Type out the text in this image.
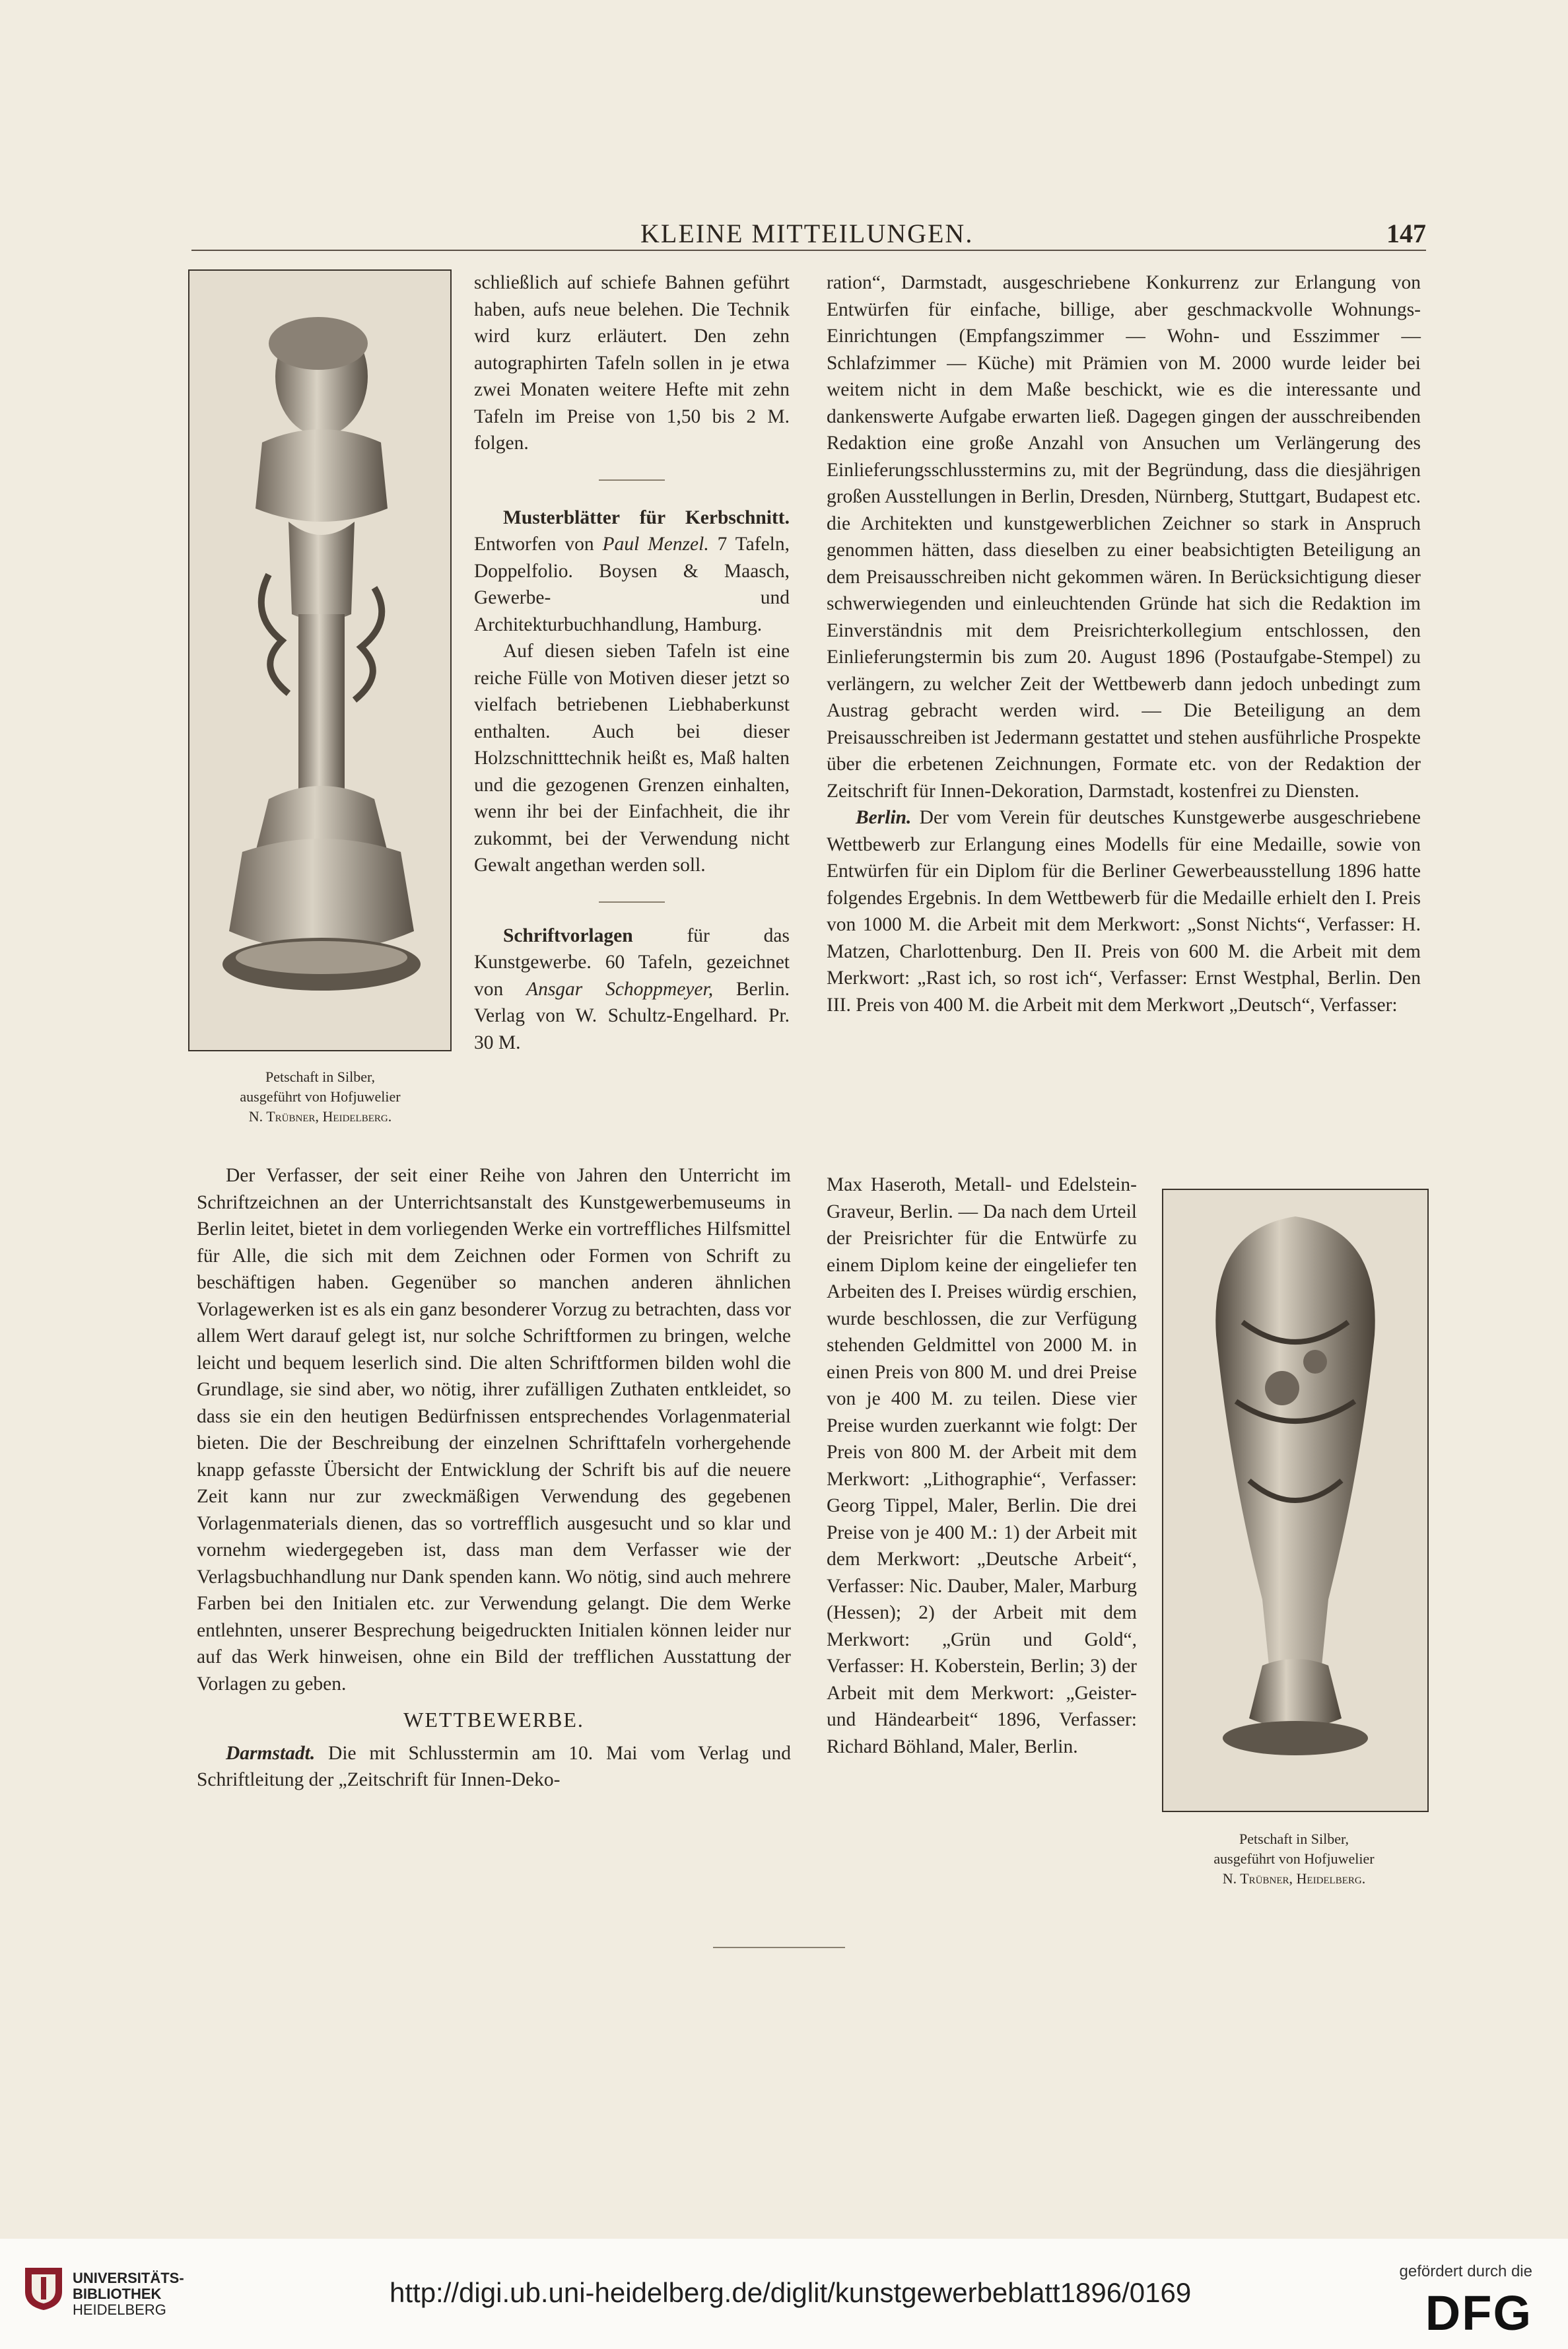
KLEINE MITTEILUNGEN.	147
Petschaft in Silber,
ausgeführt von Hofjuwelier
N. Trübner, Heidelberg.

schließlich auf schiefe Bahnen geführt haben, aufs neue belehen. Die Technik wird kurz erläutert. Den zehn autographirten Tafeln sollen in je etwa zwei Monaten weitere Hefte mit zehn Tafeln im Preise von 1,50 bis 2 M. folgen.

Musterblätter für Kerbschnitt. Entworfen von Paul Menzel. 7 Tafeln, Doppelfolio. Boysen & Maasch, Gewerbe- und Architekturbuchhandlung, Hamburg.

Auf diesen sieben Tafeln ist eine reiche Fülle von Motiven dieser jetzt so vielfach betriebenen Liebhaberkunst enthalten. Auch bei dieser Holzschnitttechnik heißt es, Maß halten und die gezogenen Grenzen einhalten, wenn ihr bei der Einfachheit, die ihr zukommt, bei der Verwendung nicht Gewalt angethan werden soll.

Schriftvorlagen für das Kunstgewerbe. 60 Tafeln, gezeichnet von Ansgar Schoppmeyer, Berlin. Verlag von W. Schultz-Engelhard. Pr. 30 M.

Der Verfasser, der seit einer Reihe von Jahren den Unterricht im Schriftzeichnen an der Unterrichtsanstalt des Kunstgewerbemuseums in Berlin leitet, bietet in dem vorliegenden Werke ein vortreffliches Hilfsmittel für Alle, die sich mit dem Zeichnen oder Formen von Schrift zu beschäftigen haben. Gegenüber so manchen anderen ähnlichen Vorlagewerken ist es als ein ganz besonderer Vorzug zu betrachten, dass vor allem Wert darauf gelegt ist, nur solche Schriftformen zu bringen, welche leicht und bequem leserlich sind. Die alten Schriftformen bilden wohl die Grundlage, sie sind aber, wo nötig, ihrer zufälligen Zuthaten entkleidet, so dass sie ein den heutigen Bedürfnissen entsprechendes Vorlagenmaterial bieten. Die der Beschreibung der einzelnen Schrifttafeln vorhergehende knapp gefasste Übersicht der Entwicklung der Schrift bis auf die neuere Zeit kann nur zur zweckmäßigen Verwendung des gegebenen Vorlagenmaterials dienen, das so vortrefflich ausgesucht und so klar und vornehm wiedergegeben ist, dass man dem Verfasser wie der Verlagsbuchhandlung nur Dank spenden kann. Wo nötig, sind auch mehrere Farben bei den Initialen etc. zur Verwendung gelangt. Die dem Werke entlehnten, unserer Besprechung beigedruckten Initialen können leider nur auf das Werk hinweisen, ohne ein Bild der trefflichen Ausstattung der Vorlagen zu geben.

WETTBEWERBE.

Darmstadt. Die mit Schlusstermin am 10. Mai vom Verlag und Schriftleitung der „Zeitschrift für Innen-Deko-

ration“, Darmstadt, ausgeschriebene Konkurrenz zur Erlangung von Entwürfen für einfache, billige, aber geschmackvolle Wohnungs-Einrichtungen (Empfangszimmer — Wohn- und Esszimmer — Schlafzimmer — Küche) mit Prämien von M. 2000 wurde leider bei weitem nicht in dem Maße beschickt, wie es die interessante und dankenswerte Aufgabe erwarten ließ. Dagegen gingen der ausschreibenden Redaktion eine große Anzahl von Ansuchen um Verlängerung des Einlieferungsschlusstermins zu, mit der Begründung, dass die diesjährigen großen Ausstellungen in Berlin, Dresden, Nürnberg, Stuttgart, Budapest etc. die Architekten und kunstgewerblichen Zeichner so stark in Anspruch genommen hätten, dass dieselben zu einer beabsichtigten Beteiligung an dem Preisausschreiben nicht gekommen wären. In Berücksichtigung dieser schwerwiegenden und einleuchtenden Gründe hat sich die Redaktion im Einverständnis mit dem Preisrichterkollegium entschlossen, den Einlieferungstermin bis zum 20. August 1896 (Postaufgabe-Stempel) zu verlängern, zu welcher Zeit der Wettbewerb dann jedoch unbedingt zum Austrag gebracht werden wird. — Die Beteiligung an dem Preisausschreiben ist Jedermann gestattet und stehen ausführliche Prospekte über die erbetenen Zeichnungen, Formate etc. von der Redaktion der Zeitschrift für Innen-Dekoration, Darmstadt, kostenfrei zu Diensten.

Berlin. Der vom Verein für deutsches Kunstgewerbe ausgeschriebene Wettbewerb zur Erlangung eines Modells für eine Medaille, sowie von Entwürfen für ein Diplom für die Berliner Gewerbeausstellung 1896 hatte folgendes Ergebnis. In dem Wettbewerb für die Medaille erhielt den I. Preis von 1000 M. die Arbeit mit dem Merkwort: „Sonst Nichts“, Verfasser: H. Matzen, Charlottenburg. Den II. Preis von 600 M. die Arbeit mit dem Merkwort: „Rast ich, so rost ich“, Verfasser: Ernst Westphal, Berlin. Den III. Preis von 400 M. die Arbeit mit dem Merkwort „Deutsch“, Verfasser:

Max Haseroth, Metall- und Edelstein-Graveur, Berlin. — Da nach dem Urteil der Preisrichter für die Entwürfe zu einem Diplom keine der eingeliefer ten Arbeiten des I. Preises würdig erschien, wurde beschlossen, die zur Verfügung stehenden Geldmittel von 2000 M. in einen Preis von 800 M. und drei Preise von je 400 M. zu teilen. Diese vier Preise wurden zuerkannt wie folgt: Der Preis von 800 M. der Arbeit mit dem Merkwort: „Lithographie“, Verfasser: Georg Tippel, Maler, Berlin. Die drei Preise von je 400 M.: 1) der Arbeit mit dem Merkwort: „Deutsche Arbeit“, Verfasser: Nic. Dauber, Maler, Marburg (Hessen); 2) der Arbeit mit dem Merkwort: „Grün und Gold“, Verfasser: H. Koberstein, Berlin; 3) der Arbeit mit dem Merkwort: „Geister- und Händearbeit“ 1896, Verfasser: Richard Böhland, Maler, Berlin.

Petschaft in Silber,
ausgeführt von Hofjuwelier
N. Trübner, Heidelberg.
UNIVERSITÄTS-
BIBLIOTHEK
HEIDELBERG
http://digi.ub.uni-heidelberg.de/diglit/kunstgewerbeblatt1896/0169
gefördert durch die
DFG
